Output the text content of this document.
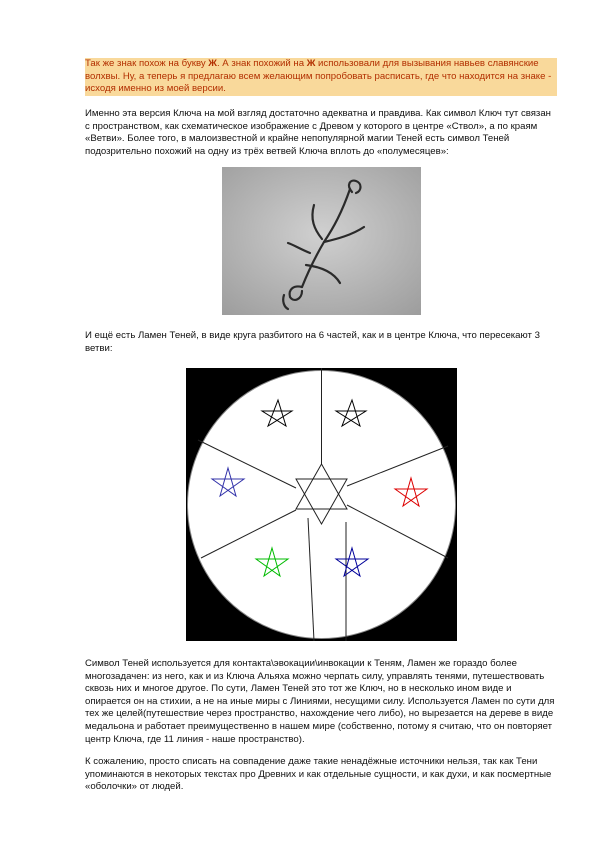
Так же знак похож на букву Ж. А знак похожий на Ж использовали для вызывания навьев славянские волхвы. Ну, а теперь я предлагаю всем желающим попробовать расписать, где что находится на знаке - исходя именно из моей версии.
Именно эта версия Ключа на мой взгляд достаточно адекватна и правдива. Как символ Ключ тут связан с пространством, как схематическое изображение с Древом у которого в центре «Ствол», а по краям «Ветви». Более того, в малоизвестной и крайне непопулярной магии Теней есть символ Теней подозрительно похожий на одну из трёх ветвей Ключа вплоть до «полумесяцев»:
И ещё есть Ламен Теней, в виде круга разбитого на 6 частей, как и в центре Ключа, что пересекают 3 ветви:
Символ Теней используется для контакта\эвокации\инвокации к Теням, Ламен же гораздо более многозадачен: из него, как и из Ключа Альяха можно черпать силу, управлять тенями, путешествовать сквозь них и многое другое. По сути, Ламен Теней это тот же Ключ, но в несколько ином виде и опирается он на стихии, а не на иные миры с Линиями, несущими силу. Используется Ламен по сути для тех же целей(путешествие через пространство, нахождение чего либо), но вырезается на дереве в виде медальона и работает преимущественно в нашем мире (собственно, потому я считаю, что он повторяет центр Ключа, где 11 линия - наше пространство).
К сожалению, просто списать на совпадение даже такие ненадёжные источники нельзя, так как Тени упоминаются в некоторых текстах про Древних и как отдельные сущности, и как духи, и как посмертные «оболочки» от людей.
